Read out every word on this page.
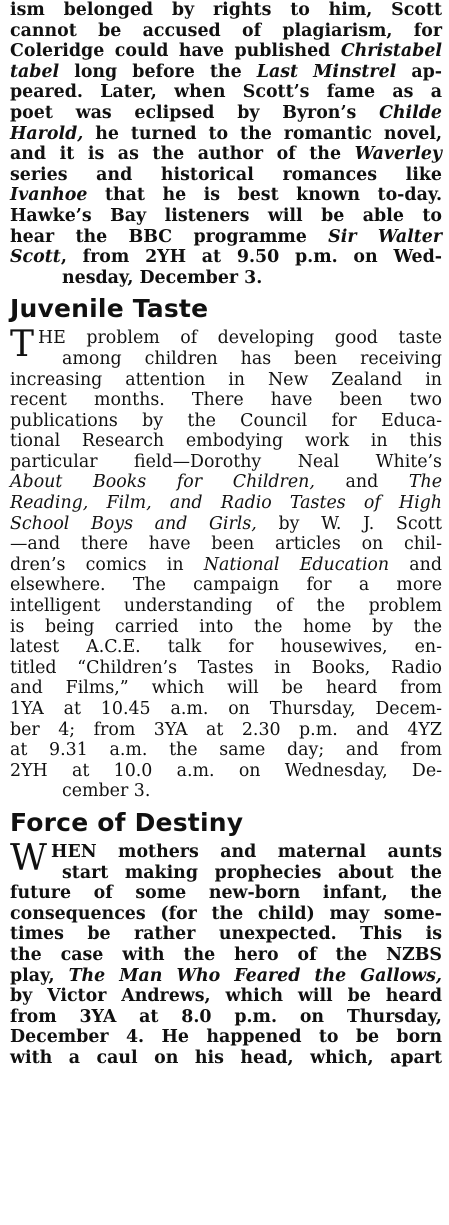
ism belonged by rights to him, Scott
cannot be accused of plagiarism, for
Coleridge could have published Christabel
tabel long before the Last Minstrel ap-
peared. Later, when Scott’s fame as a
poet was eclipsed by Byron’s Childe
Harold, he turned to the romantic novel,
and it is as the author of the Waverley
series and historical romances like
Ivanhoe that he is best known to-day.
Hawke’s Bay listeners will be able to
hear the BBC programme Sir Walter
Scott, from 2YH at 9.50 p.m. on Wed-
nesday, December 3.
Juvenile Taste
T HE problem of developing good taste
among children has been receiving
increasing attention in New Zealand in
recent months. There have been two
publications by the Council for Educa-
tional Research embodying work in this
particular field—Dorothy Neal White’s
About Books for Children, and The
Reading, Film, and Radio Tastes of High
School Boys and Girls, by W. J. Scott
—and there have been articles on chil-
dren’s comics in National Education and
elsewhere. The campaign for a more
intelligent understanding of the problem
is being carried into the home by the
latest A.C.E. talk for housewives, en-
titled “Children’s Tastes in Books, Radio
and Films,” which will be heard from
1YA at 10.45 a.m. on Thursday, Decem-
ber 4; from 3YA at 2.30 p.m. and 4YZ
at 9.31 a.m. the same day; and from
2YH at 10.0 a.m. on Wednesday, De-
cember 3.
Force of Destiny
W HEN mothers and maternal aunts
start making prophecies about the
future of some new-born infant, the
consequences (for the child) may some-
times be rather unexpected. This is
the case with the hero of the NZBS
play, The Man Who Feared the Gallows,
by Victor Andrews, which will be heard
from 3YA at 8.0 p.m. on Thursday,
December 4. He happened to be born
with a caul on his head, which, apart
